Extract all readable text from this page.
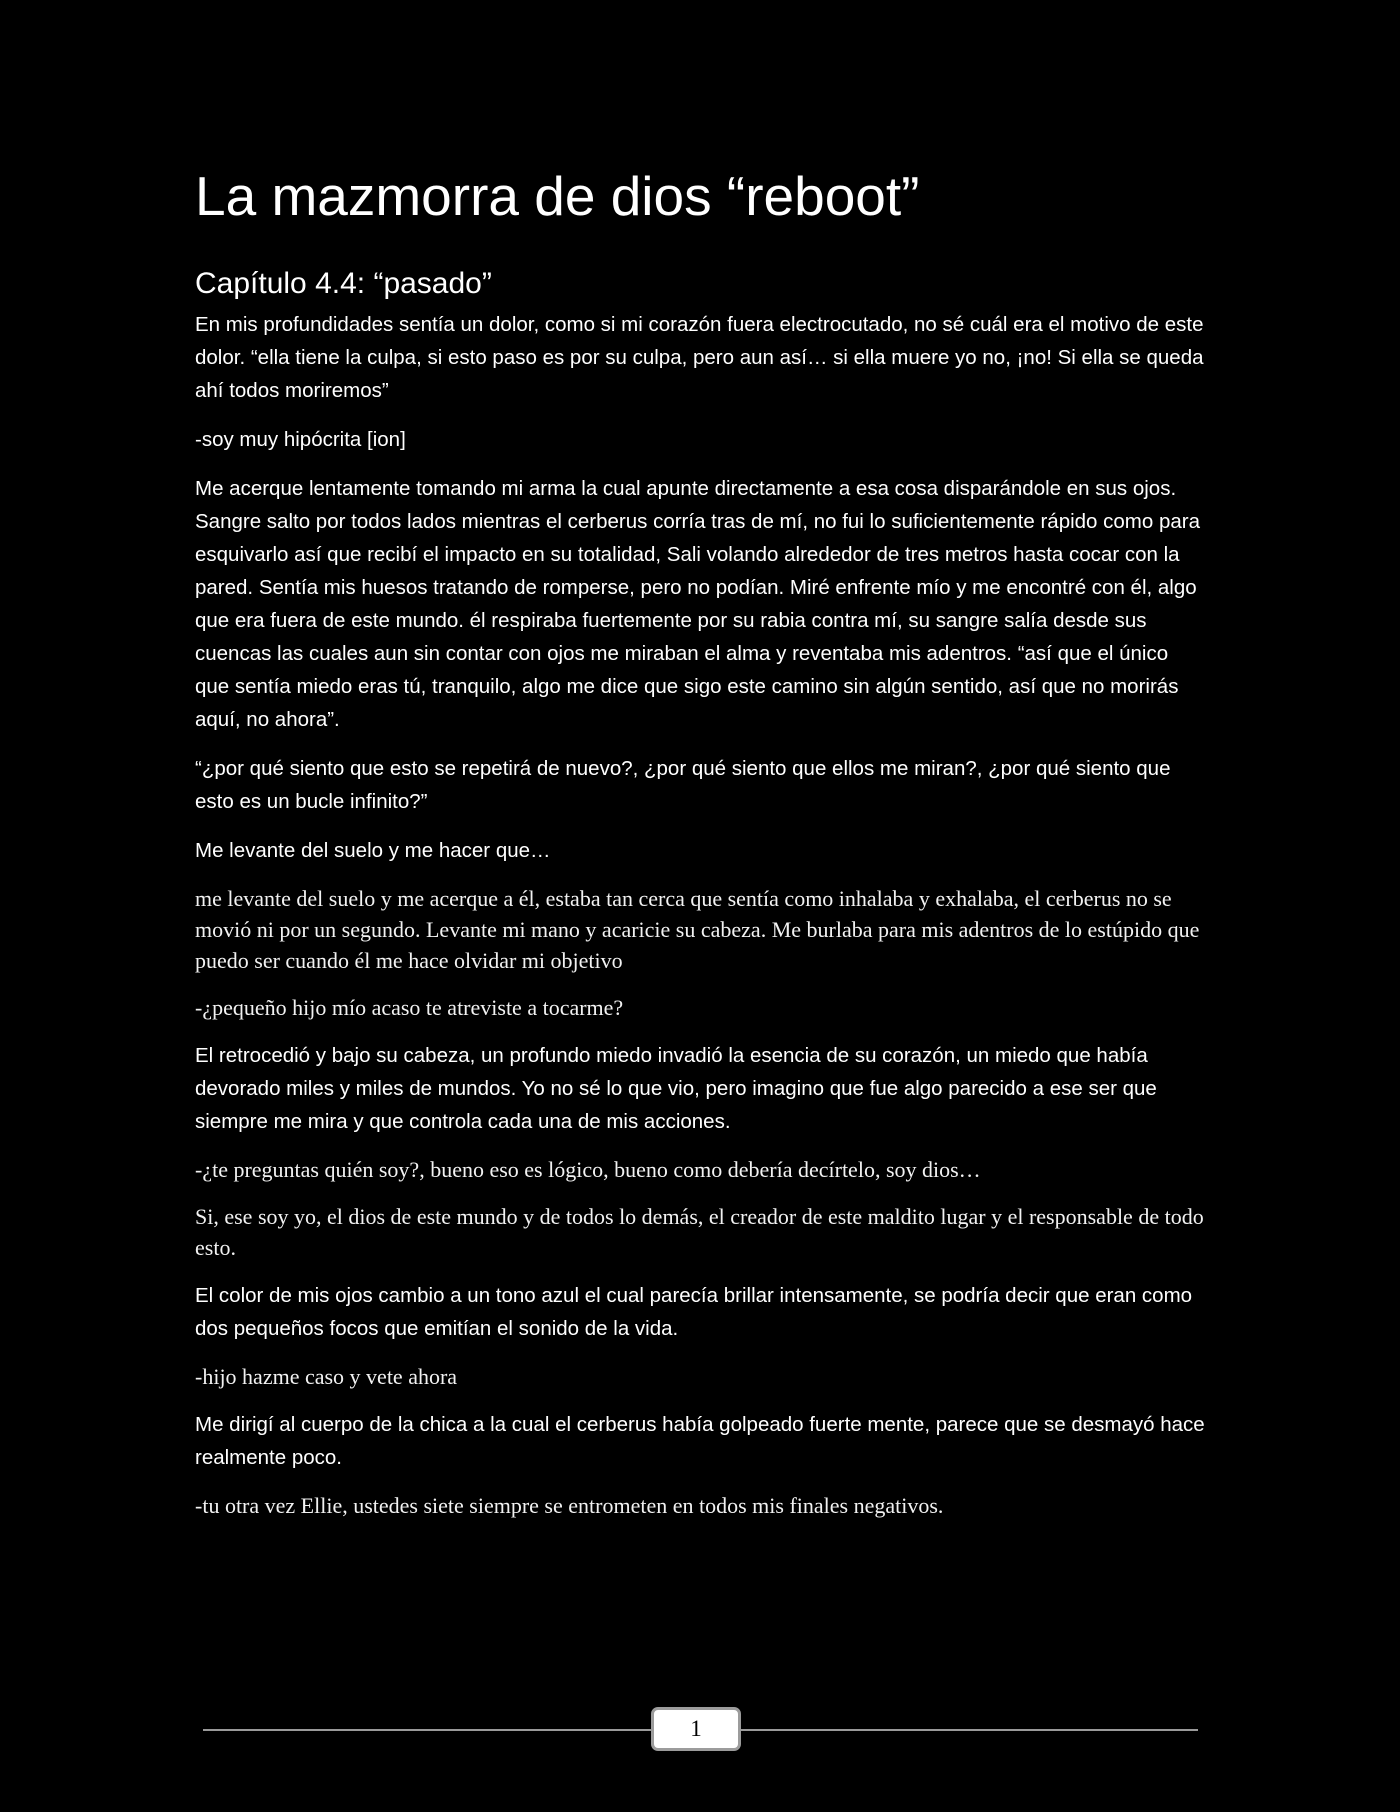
La mazmorra de dios “reboot”
Capítulo 4.4: “pasado”

En mis profundidades sentía un dolor, como si mi corazón fuera electrocutado, no sé cuál era el motivo de este dolor. “ella tiene la culpa, si esto paso es por su culpa, pero aun así… si ella muere yo no, ¡no! Si ella se queda ahí todos moriremos”

-soy muy hipócrita [ion]

Me acerque lentamente tomando mi arma la cual apunte directamente a esa cosa disparándole en sus ojos. Sangre salto por todos lados mientras el cerberus corría tras de mí, no fui lo suficientemente rápido como para esquivarlo así que recibí el impacto en su totalidad, Sali volando alrededor de tres metros hasta cocar con la pared. Sentía mis huesos tratando de romperse, pero no podían. Miré enfrente mío y me encontré con él, algo que era fuera de este mundo. él respiraba fuertemente por su rabia contra mí, su sangre salía desde sus cuencas las cuales aun sin contar con ojos me miraban el alma y reventaba mis adentros. “así que el único que sentía miedo eras tú, tranquilo, algo me dice que sigo este camino sin algún sentido, así que no morirás aquí, no ahora”.

“¿por qué siento que esto se repetirá de nuevo?, ¿por qué siento que ellos me miran?, ¿por qué siento que esto es un bucle infinito?”

Me levante del suelo y me hacer que…

me levante del suelo y me acerque a él, estaba tan cerca que sentía como inhalaba y exhalaba, el cerberus no se movió ni por un segundo. Levante mi mano y acaricie su cabeza. Me burlaba para mis adentros de lo estúpido que puedo ser cuando él me hace olvidar mi objetivo

-¿pequeño hijo mío acaso te atreviste a tocarme?

El retrocedió y bajo su cabeza, un profundo miedo invadió la esencia de su corazón, un miedo que había devorado miles y miles de mundos. Yo no sé lo que vio, pero imagino que fue algo parecido a ese ser que siempre me mira y que controla cada una de mis acciones.

-¿te preguntas quién soy?, bueno eso es lógico, bueno como debería decírtelo, soy dios…

Si, ese soy yo, el dios de este mundo y de todos lo demás, el creador de este maldito lugar y el responsable de todo esto.

El color de mis ojos cambio a un tono azul el cual parecía brillar intensamente, se podría decir que eran como dos pequeños focos que emitían el sonido de la vida.

-hijo hazme caso y vete ahora

Me dirigí al cuerpo de la chica a la cual el cerberus había golpeado fuerte mente, parece que se desmayó hace realmente poco.

-tu otra vez Ellie, ustedes siete siempre se entrometen en todos mis finales negativos.

1
